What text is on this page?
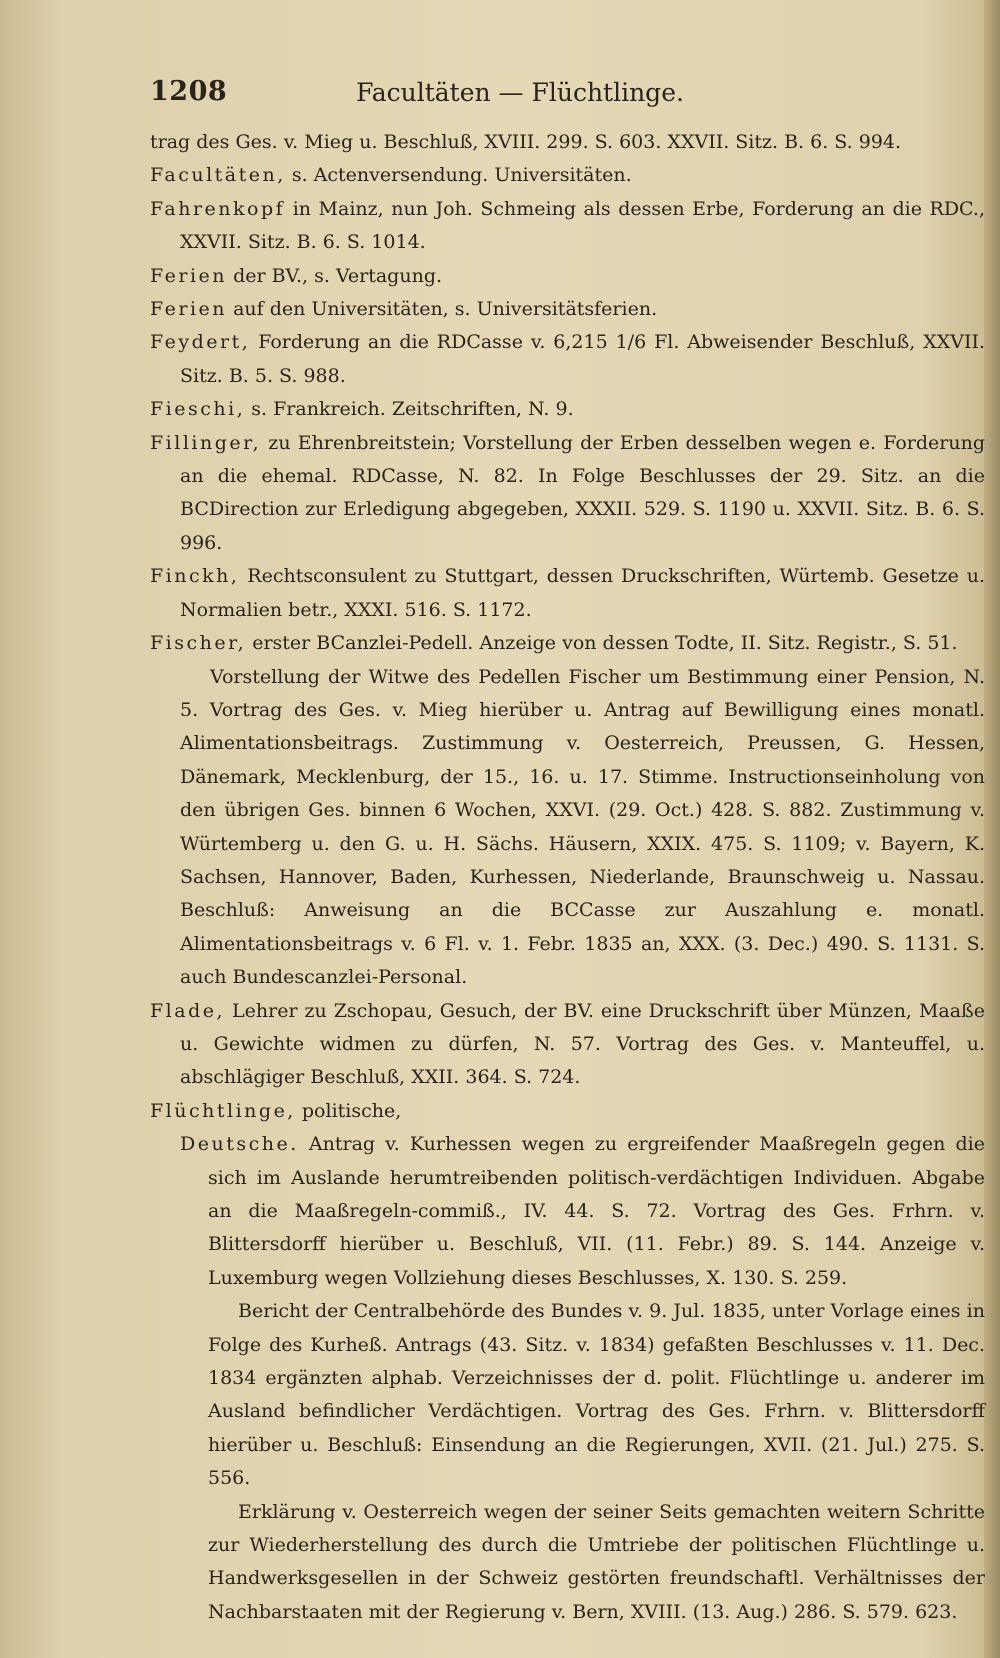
1208	Facultäten — Flüchtlinge.

trag des Ges. v. Mieg u. Beschluß, XVIII. 299. S. 603. XXVII. Sitz. B. 6. S. 994.

Facultäten, s. Actenversendung. Universitäten.

Fahrenkopf in Mainz, nun Joh. Schmeing als dessen Erbe, Forderung an die RDC., XXVII. Sitz. B. 6. S. 1014.

Ferien der BV., s. Vertagung.

Ferien auf den Universitäten, s. Universitätsferien.

Feydert, Forderung an die RDCasse v. 6,215 1/6 Fl. Abweisender Beschluß, XXVII. Sitz. B. 5. S. 988.

Fieschi, s. Frankreich. Zeitschriften, N. 9.

Fillinger, zu Ehrenbreitstein; Vorstellung der Erben desselben wegen e. Forderung an die ehemal. RDCasse, N. 82. In Folge Beschlusses der 29. Sitz. an die BCDirection zur Erledigung abgegeben, XXXII. 529. S. 1190 u. XXVII. Sitz. B. 6. S. 996.

Finckh, Rechtsconsulent zu Stuttgart, dessen Druckschriften, Würtemb. Gesetze u. Normalien betr., XXXI. 516. S. 1172.

Fischer, erster BCanzlei-Pedell. Anzeige von dessen Todte, II. Sitz. Registr., S. 51.

Vorstellung der Witwe des Pedellen Fischer um Bestimmung einer Pension, N. 5. Vortrag des Ges. v. Mieg hierüber u. Antrag auf Bewilligung eines monatl. Alimentationsbeitrags. Zustimmung v. Oesterreich, Preussen, G. Hessen, Dänemark, Mecklenburg, der 15., 16. u. 17. Stimme. Instructionseinholung von den übrigen Ges. binnen 6 Wochen, XXVI. (29. Oct.) 428. S. 882. Zustimmung v. Würtemberg u. den G. u. H. Sächs. Häusern, XXIX. 475. S. 1109; v. Bayern, K. Sachsen, Hannover, Baden, Kurhessen, Niederlande, Braunschweig u. Nassau. Beschluß: Anweisung an die BCCasse zur Auszahlung e. monatl. Alimentationsbeitrags v. 6 Fl. v. 1. Febr. 1835 an, XXX. (3. Dec.) 490. S. 1131. S. auch Bundescanzlei-Personal.

Flade, Lehrer zu Zschopau, Gesuch, der BV. eine Druckschrift über Münzen, Maaße u. Gewichte widmen zu dürfen, N. 57. Vortrag des Ges. v. Manteuffel, u. abschlägiger Beschluß, XXII. 364. S. 724.

Flüchtlinge, politische,

Deutsche. Antrag v. Kurhessen wegen zu ergreifender Maaßregeln gegen die sich im Auslande herumtreibenden politisch-verdächtigen Individuen. Abgabe an die Maaßregeln-commiß., IV. 44. S. 72. Vortrag des Ges. Frhrn. v. Blittersdorff hierüber u. Beschluß, VII. (11. Febr.) 89. S. 144. Anzeige v. Luxemburg wegen Vollziehung dieses Beschlusses, X. 130. S. 259.

Bericht der Centralbehörde des Bundes v. 9. Jul. 1835, unter Vorlage eines in Folge des Kurheß. Antrags (43. Sitz. v. 1834) gefaßten Beschlusses v. 11. Dec. 1834 ergänzten alphab. Verzeichnisses der d. polit. Flüchtlinge u. anderer im Ausland befindlicher Verdächtigen. Vortrag des Ges. Frhrn. v. Blittersdorff hierüber u. Beschluß: Einsendung an die Regierungen, XVII. (21. Jul.) 275. S. 556.

Erklärung v. Oesterreich wegen der seiner Seits gemachten weitern Schritte zur Wiederherstellung des durch die Umtriebe der politischen Flüchtlinge u. Handwerksgesellen in der Schweiz gestörten freundschaftl. Verhältnisses der Nachbarstaaten mit der Regierung v. Bern, XVIII. (13. Aug.) 286. S. 579. 623.
